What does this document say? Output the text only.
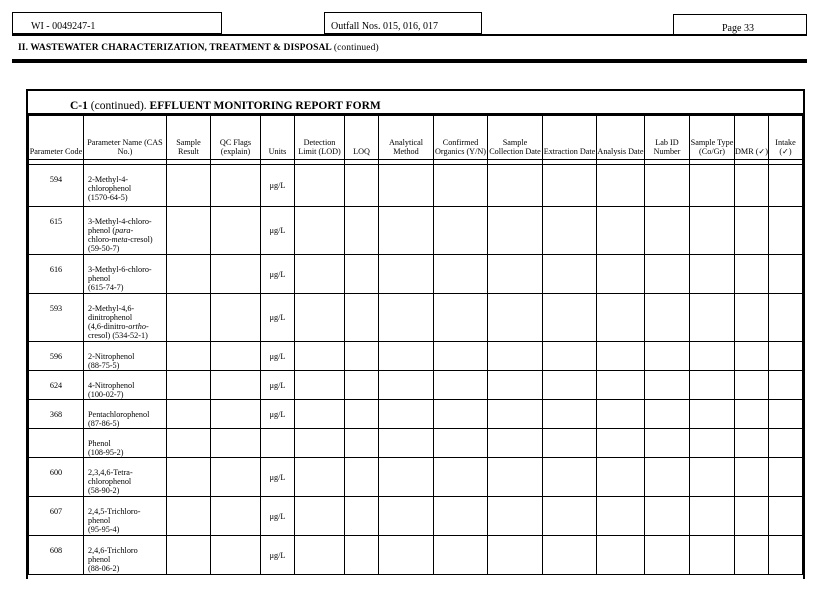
WI - 0049247-1	Outfall Nos. 015, 016, 017	Page 33
II. WASTEWATER CHARACTERIZATION, TREATMENT & DISPOSAL (continued)
C-1 (continued). EFFLUENT MONITORING REPORT FORM
Parameter Code	Parameter Name (CAS No.)	Sample Result	QC Flags (explain)	Units	Detection Limit (LOD)	LOQ	Analytical Method	Confirmed Organics (Y/N)	Sample Collection Date	Extraction Date	Analysis Date	Lab ID Number	Sample Type (Co/Gr)	DMR (✓)	Intake (✓)

594	2-Methyl-4-
chlorophenol
(1570-64-5)			μg/L											
615	3-Methyl-4-chloro-
phenol (para-
chloro-meta-cresol)
(59-50-7)			μg/L											
616	3-Methyl-6-chloro-
phenol
(615-74-7)			μg/L											
593	2-Methyl-4,6-
dinitrophenol
(4,6-dinitro-ortho-
cresol) (534-52-1)			μg/L											
596	2-Nitrophenol
(88-75-5)			μg/L											
624	4-Nitrophenol
(100-02-7)			μg/L											
368	Pentachlorophenol
(87-86-5)			μg/L											

	Phenol
(108-95-2)														

600	2,3,4,6-Tetra-
chlorophenol
(58-90-2)			μg/L											
607	2,4,5-Trichloro-
phenol
(95-95-4)			μg/L											
608	2,4,6-Trichloro
phenol
(88-06-2)			μg/L											
